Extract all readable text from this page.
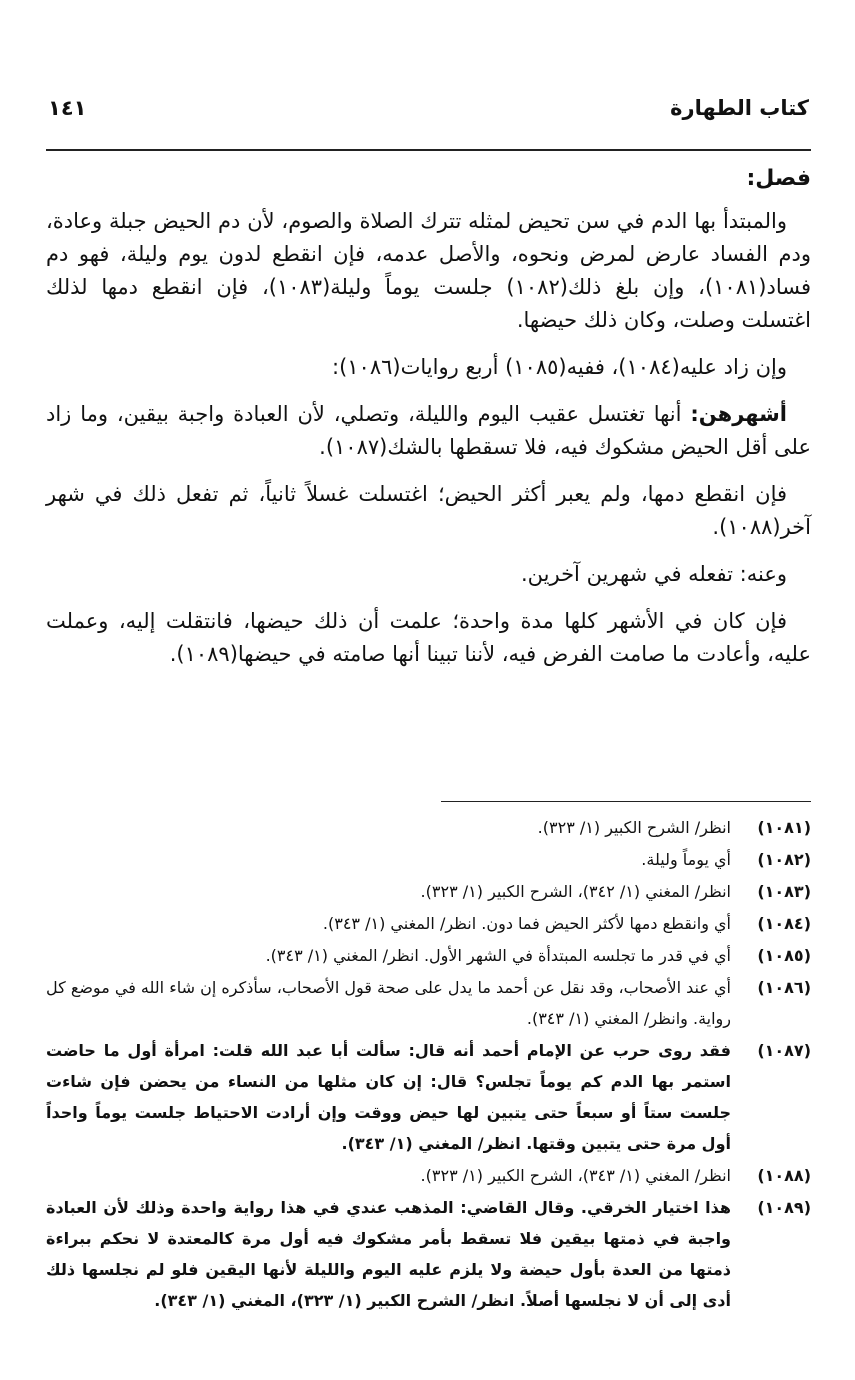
كتاب الطهارة
١٤١
فصل:

والمبتدأ بها الدم في سن تحيض لمثله تترك الصلاة والصوم، لأن دم الحيض جبلة وعادة، ودم الفساد عارض لمرض ونحوه، والأصل عدمه، فإن انقطع لدون يوم وليلة، فهو دم فساد(١٠٨١)، وإن بلغ ذلك(١٠٨٢) جلست يوماً وليلة(١٠٨٣)، فإن انقطع دمها لذلك اغتسلت وصلت، وكان ذلك حيضها.

وإن زاد عليه(١٠٨٤)، ففيه(١٠٨٥) أربع روايات(١٠٨٦):

أشهرهن: أنها تغتسل عقيب اليوم والليلة، وتصلي، لأن العبادة واجبة بيقين، وما زاد على أقل الحيض مشكوك فيه، فلا تسقطها بالشك(١٠٨٧).

فإن انقطع دمها، ولم يعبر أكثر الحيض؛ اغتسلت غسلاً ثانياً، ثم تفعل ذلك في شهر آخر(١٠٨٨).

وعنه: تفعله في شهرين آخرين.

فإن كان في الأشهر كلها مدة واحدة؛ علمت أن ذلك حيضها، فانتقلت إليه، وعملت عليه، وأعادت ما صامت الفرض فيه، لأننا تبينا أنها صامته في حيضها(١٠٨٩).

(١٠٨١)
انظر/ الشرح الكبير (١/ ٣٢٣).
(١٠٨٢)
أي يوماً وليلة.
(١٠٨٣)
انظر/ المغني (١/ ٣٤٢)، الشرح الكبير (١/ ٣٢٣).
(١٠٨٤)
أي وانقطع دمها لأكثر الحيض فما دون. انظر/ المغني (١/ ٣٤٣).
(١٠٨٥)
أي في قدر ما تجلسه المبتدأة في الشهر الأول. انظر/ المغني (١/ ٣٤٣).
(١٠٨٦)
أي عند الأصحاب، وقد نقل عن أحمد ما يدل على صحة قول الأصحاب، سأذكره إن شاء الله في موضع كل رواية. وانظر/ المغني (١/ ٣٤٣).
(١٠٨٧)
فقد روى حرب عن الإمام أحمد أنه قال: سألت أبا عبد الله قلت: امرأة أول ما حاضت استمر بها الدم كم يوماً تجلس؟ قال: إن كان مثلها من النساء من يحضن فإن شاءت جلست ستاً أو سبعاً حتى يتبين لها حيض ووقت وإن أرادت الاحتياط جلست يوماً واحداً أول مرة حتى يتبين وقتها. انظر/ المغني (١/ ٣٤٣).
(١٠٨٨)
انظر/ المغني (١/ ٣٤٣)، الشرح الكبير (١/ ٣٢٣).
(١٠٨٩)
هذا اختيار الخرقي. وقال القاضي: المذهب عندي في هذا رواية واحدة وذلك لأن العبادة واجبة في ذمتها بيقين فلا تسقط بأمر مشكوك فيه أول مرة كالمعتدة لا نحكم ببراءة ذمتها من العدة بأول حيضة ولا يلزم عليه اليوم والليلة لأنها اليقين فلو لم نجلسها ذلك أدى إلى أن لا نجلسها أصلاً. انظر/ الشرح الكبير (١/ ٣٢٣)، المغني (١/ ٣٤٣).
